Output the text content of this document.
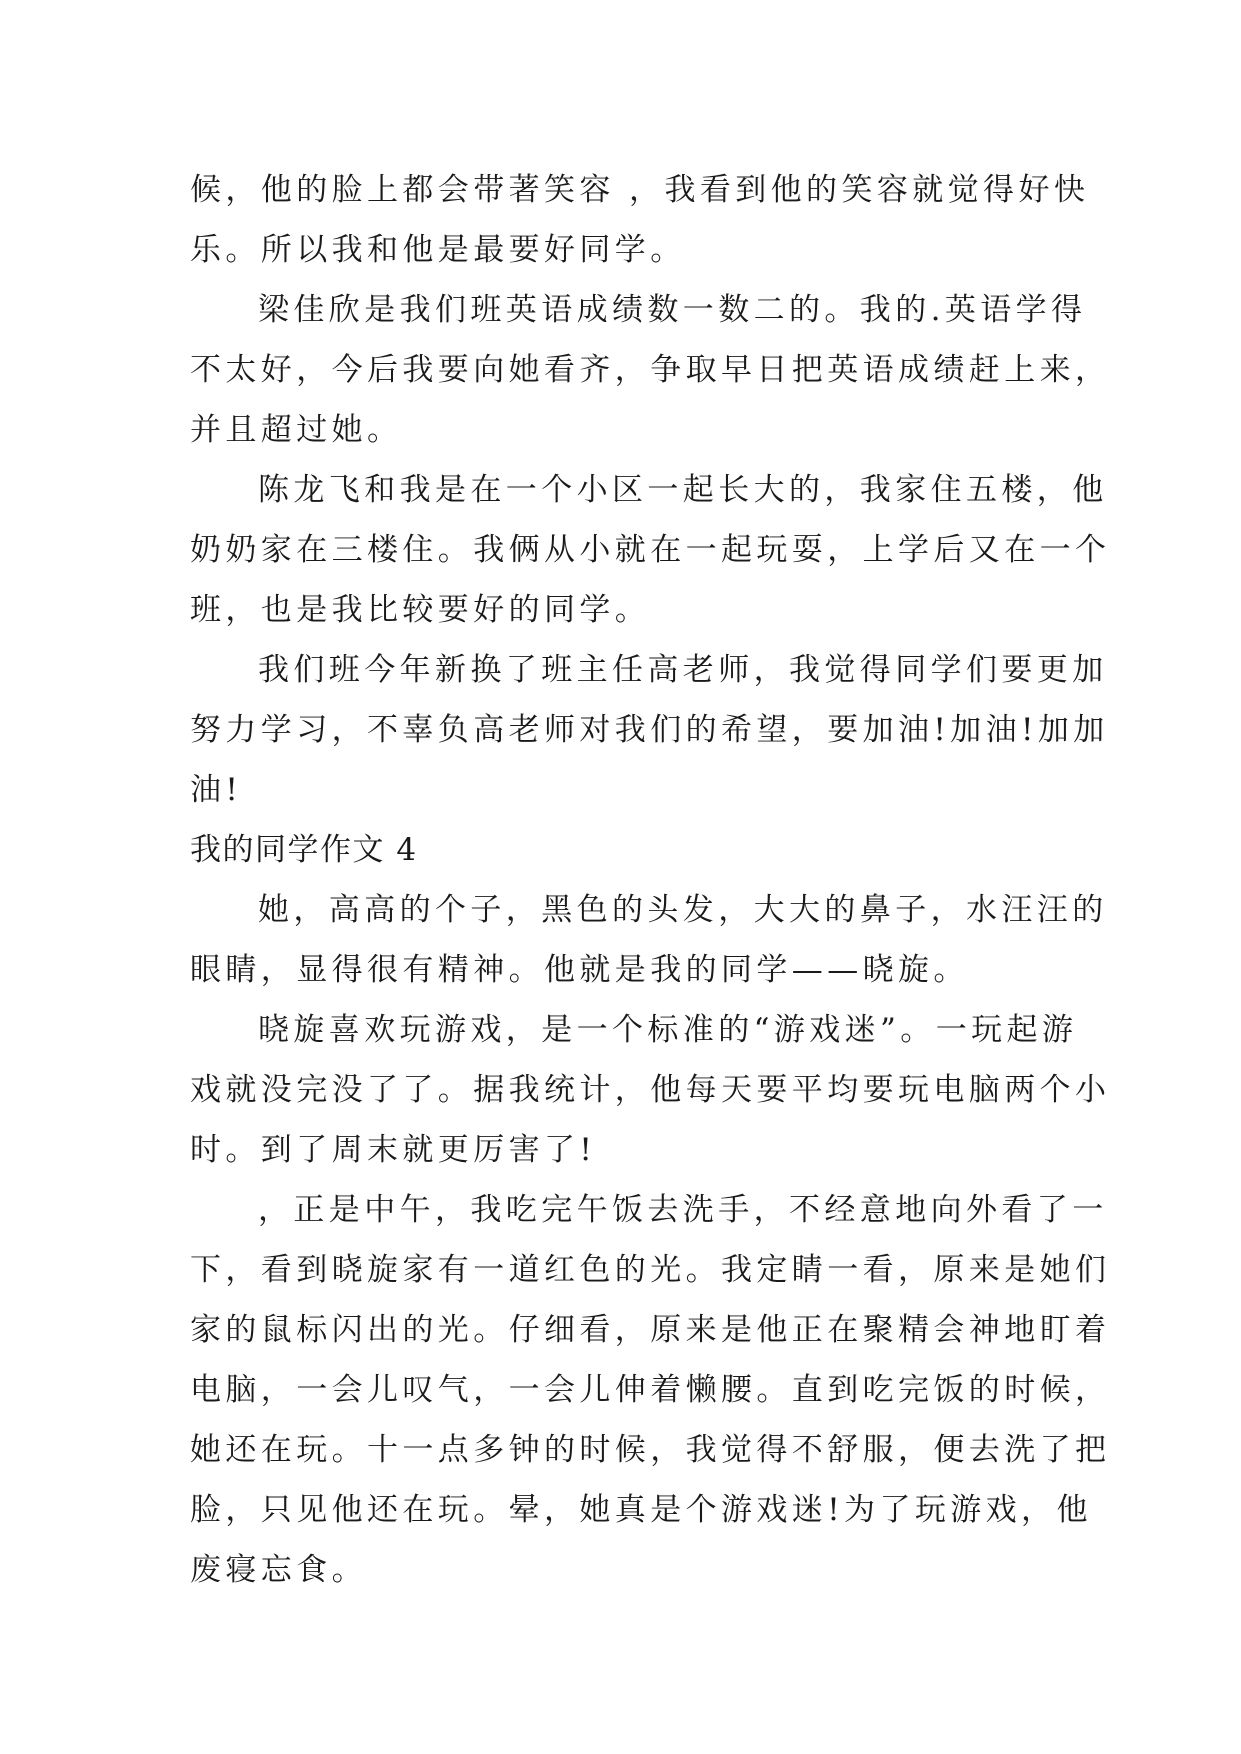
候，他的脸上都会带著笑容 ，我看到他的笑容就觉得好快
乐。所以我和他是最要好同学。
梁佳欣是我们班英语成绩数一数二的。我的.英语学得
不太好，今后我要向她看齐，争取早日把英语成绩赶上来，
并且超过她。
陈龙飞和我是在一个小区一起长大的，我家住五楼，他
奶奶家在三楼住。我俩从小就在一起玩耍，上学后又在一个
班，也是我比较要好的同学。
我们班今年新换了班主任高老师，我觉得同学们要更加
努力学习，不辜负高老师对我们的希望，要加油!加油!加加
油!
我的同学作文 4
她，高高的个子，黑色的头发，大大的鼻子，水汪汪的
眼睛，显得很有精神。他就是我的同学——晓旋。
晓旋喜欢玩游戏，是一个标准的“游戏迷”。一玩起游
戏就没完没了了。据我统计，他每天要平均要玩电脑两个小
时。到了周末就更厉害了!
，正是中午，我吃完午饭去洗手，不经意地向外看了一
下，看到晓旋家有一道红色的光。我定睛一看，原来是她们
家的鼠标闪出的光。仔细看，原来是他正在聚精会神地盯着
电脑，一会儿叹气，一会儿伸着懒腰。直到吃完饭的时候，
她还在玩。十一点多钟的时候，我觉得不舒服，便去洗了把
脸，只见他还在玩。晕，她真是个游戏迷!为了玩游戏，他
废寝忘食。
